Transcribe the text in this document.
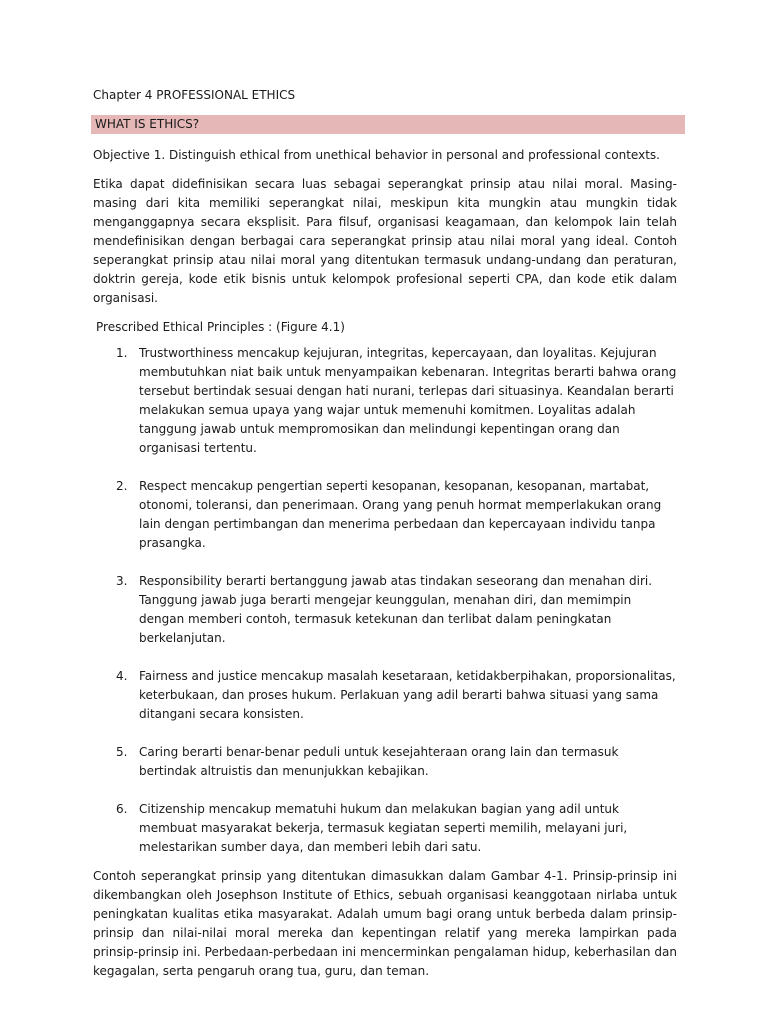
Chapter 4 PROFESSIONAL ETHICS
WHAT IS ETHICS?
Objective 1. Distinguish ethical from unethical behavior in personal and professional contexts.
Etika dapat didefinisikan secara luas sebagai seperangkat prinsip atau nilai moral. Masing-masing dari kita memiliki seperangkat nilai, meskipun kita mungkin atau mungkin tidak menganggapnya secara eksplisit. Para filsuf, organisasi keagamaan, dan kelompok lain telah mendefinisikan dengan berbagai cara seperangkat prinsip atau nilai moral yang ideal. Contoh seperangkat prinsip atau nilai moral yang ditentukan termasuk undang-undang dan peraturan, doktrin gereja, kode etik bisnis untuk kelompok profesional seperti CPA, dan kode etik dalam organisasi.
Prescribed Ethical Principles : (Figure 4.1)
1. Trustworthiness mencakup kejujuran, integritas, kepercayaan, dan loyalitas. Kejujuran membutuhkan niat baik untuk menyampaikan kebenaran. Integritas berarti bahwa orang tersebut bertindak sesuai dengan hati nurani, terlepas dari situasinya. Keandalan berarti melakukan semua upaya yang wajar untuk memenuhi komitmen. Loyalitas adalah tanggung jawab untuk mempromosikan dan melindungi kepentingan orang dan organisasi tertentu.
2. Respect mencakup pengertian seperti kesopanan, kesopanan, kesopanan, martabat, otonomi, toleransi, dan penerimaan. Orang yang penuh hormat memperlakukan orang lain dengan pertimbangan dan menerima perbedaan dan kepercayaan individu tanpa prasangka.
3. Responsibility berarti bertanggung jawab atas tindakan seseorang dan menahan diri. Tanggung jawab juga berarti mengejar keunggulan, menahan diri, dan memimpin dengan memberi contoh, termasuk ketekunan dan terlibat dalam peningkatan berkelanjutan.
4. Fairness and justice mencakup masalah kesetaraan, ketidakberpihakan, proporsionalitas, keterbukaan, dan proses hukum. Perlakuan yang adil berarti bahwa situasi yang sama ditangani secara konsisten.
5. Caring berarti benar-benar peduli untuk kesejahteraan orang lain dan termasuk bertindak altruistis dan menunjukkan kebajikan.
6. Citizenship mencakup mematuhi hukum dan melakukan bagian yang adil untuk membuat masyarakat bekerja, termasuk kegiatan seperti memilih, melayani juri, melestarikan sumber daya, dan memberi lebih dari satu.
Contoh seperangkat prinsip yang ditentukan dimasukkan dalam Gambar 4-1. Prinsip-prinsip ini dikembangkan oleh Josephson Institute of Ethics, sebuah organisasi keanggotaan nirlaba untuk peningkatan kualitas etika masyarakat. Adalah umum bagi orang untuk berbeda dalam prinsip-prinsip dan nilai-nilai moral mereka dan kepentingan relatif yang mereka lampirkan pada prinsip-prinsip ini. Perbedaan-perbedaan ini mencerminkan pengalaman hidup, keberhasilan dan kegagalan, serta pengaruh orang tua, guru, dan teman.
